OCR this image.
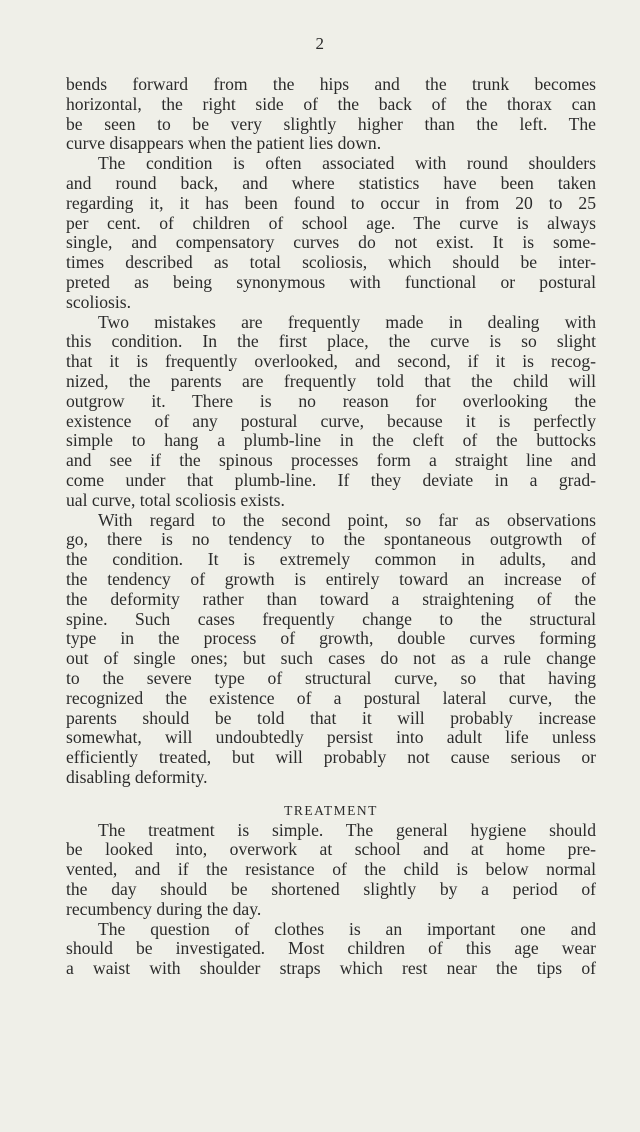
2
bends forward from the hips and the trunk becomes
horizontal, the right side of the back of the thorax can
be seen to be very slightly higher than the left. The
curve disappears when the patient lies down.
The condition is often associated with round shoulders
and round back, and where statistics have been taken
regarding it, it has been found to occur in from 20 to 25
per cent. of children of school age. The curve is always
single, and compensatory curves do not exist. It is some-
times described as total scoliosis, which should be inter-
preted as being synonymous with functional or postural
scoliosis.
Two mistakes are frequently made in dealing with
this condition. In the first place, the curve is so slight
that it is frequently overlooked, and second, if it is recog-
nized, the parents are frequently told that the child will
outgrow it. There is no reason for overlooking the
existence of any postural curve, because it is perfectly
simple to hang a plumb-line in the cleft of the buttocks
and see if the spinous processes form a straight line and
come under that plumb-line. If they deviate in a grad-
ual curve, total scoliosis exists.
With regard to the second point, so far as observations
go, there is no tendency to the spontaneous outgrowth of
the condition. It is extremely common in adults, and
the tendency of growth is entirely toward an increase of
the deformity rather than toward a straightening of the
spine. Such cases frequently change to the structural
type in the process of growth, double curves forming
out of single ones; but such cases do not as a rule change
to the severe type of structural curve, so that having
recognized the existence of a postural lateral curve, the
parents should be told that it will probably increase
somewhat, will undoubtedly persist into adult life unless
efficiently treated, but will probably not cause serious or
disabling deformity.
TREATMENT
The treatment is simple. The general hygiene should
be looked into, overwork at school and at home pre-
vented, and if the resistance of the child is below normal
the day should be shortened slightly by a period of
recumbency during the day.
The question of clothes is an important one and
should be investigated. Most children of this age wear
a waist with shoulder straps which rest near the tips of
